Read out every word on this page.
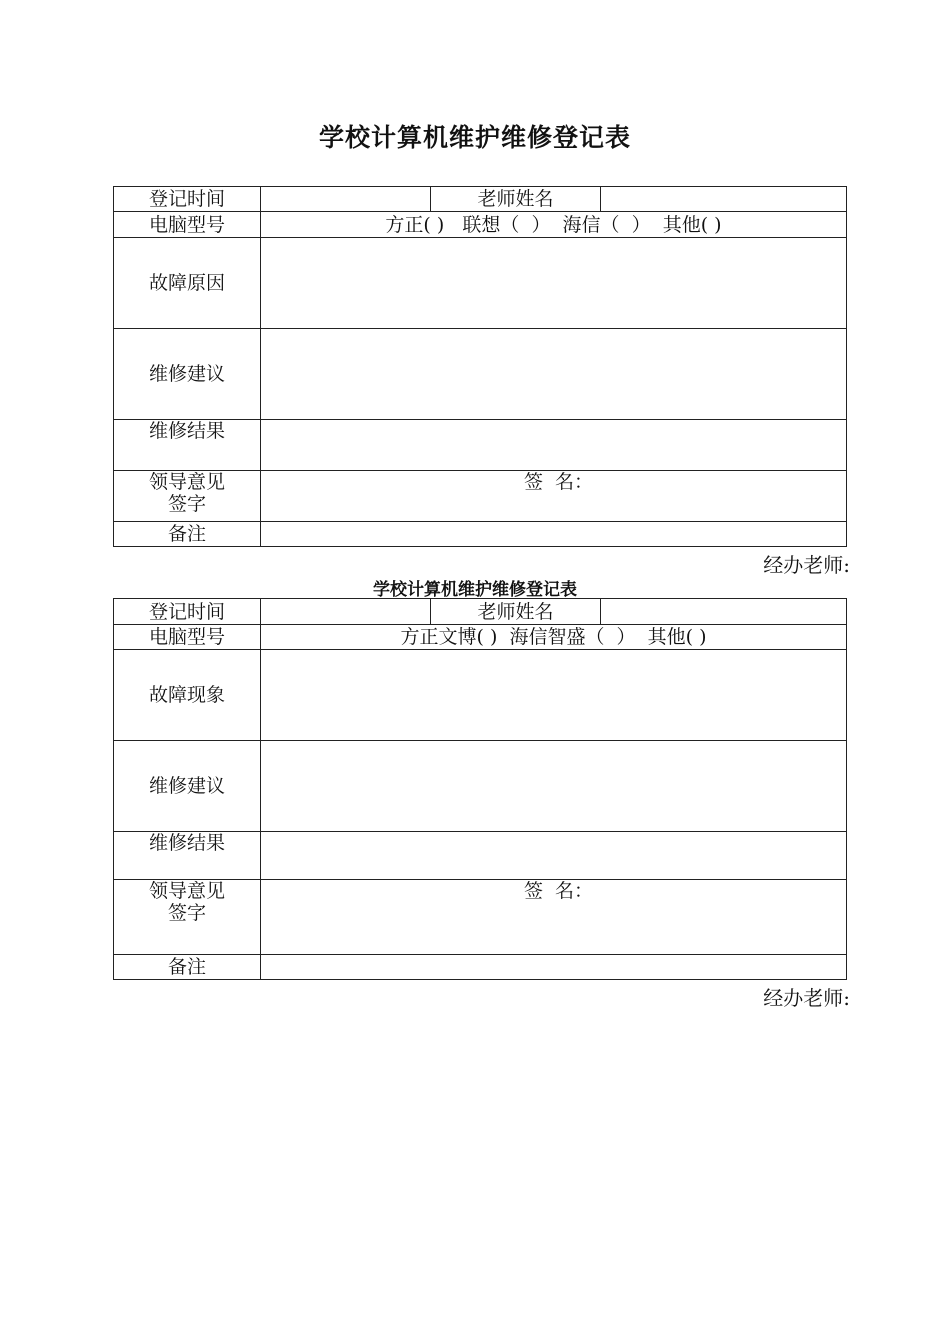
学校计算机维护维修登记表
登记时间		老师姓名	
电脑型号	方正( )   联想（  ）  海信（  ）  其他( )		
故障原因			
维修建议			
维修结果			

领导意见
签字	签  名：		
备注			
经办老师:
学校计算机维护维修登记表
登记时间		老师姓名	
电脑型号	方正文博( )  海信智盛（  ）  其他( )		
故障现象			
维修建议			
维修结果			

领导意见
签字	签  名：		
备注			
经办老师:
